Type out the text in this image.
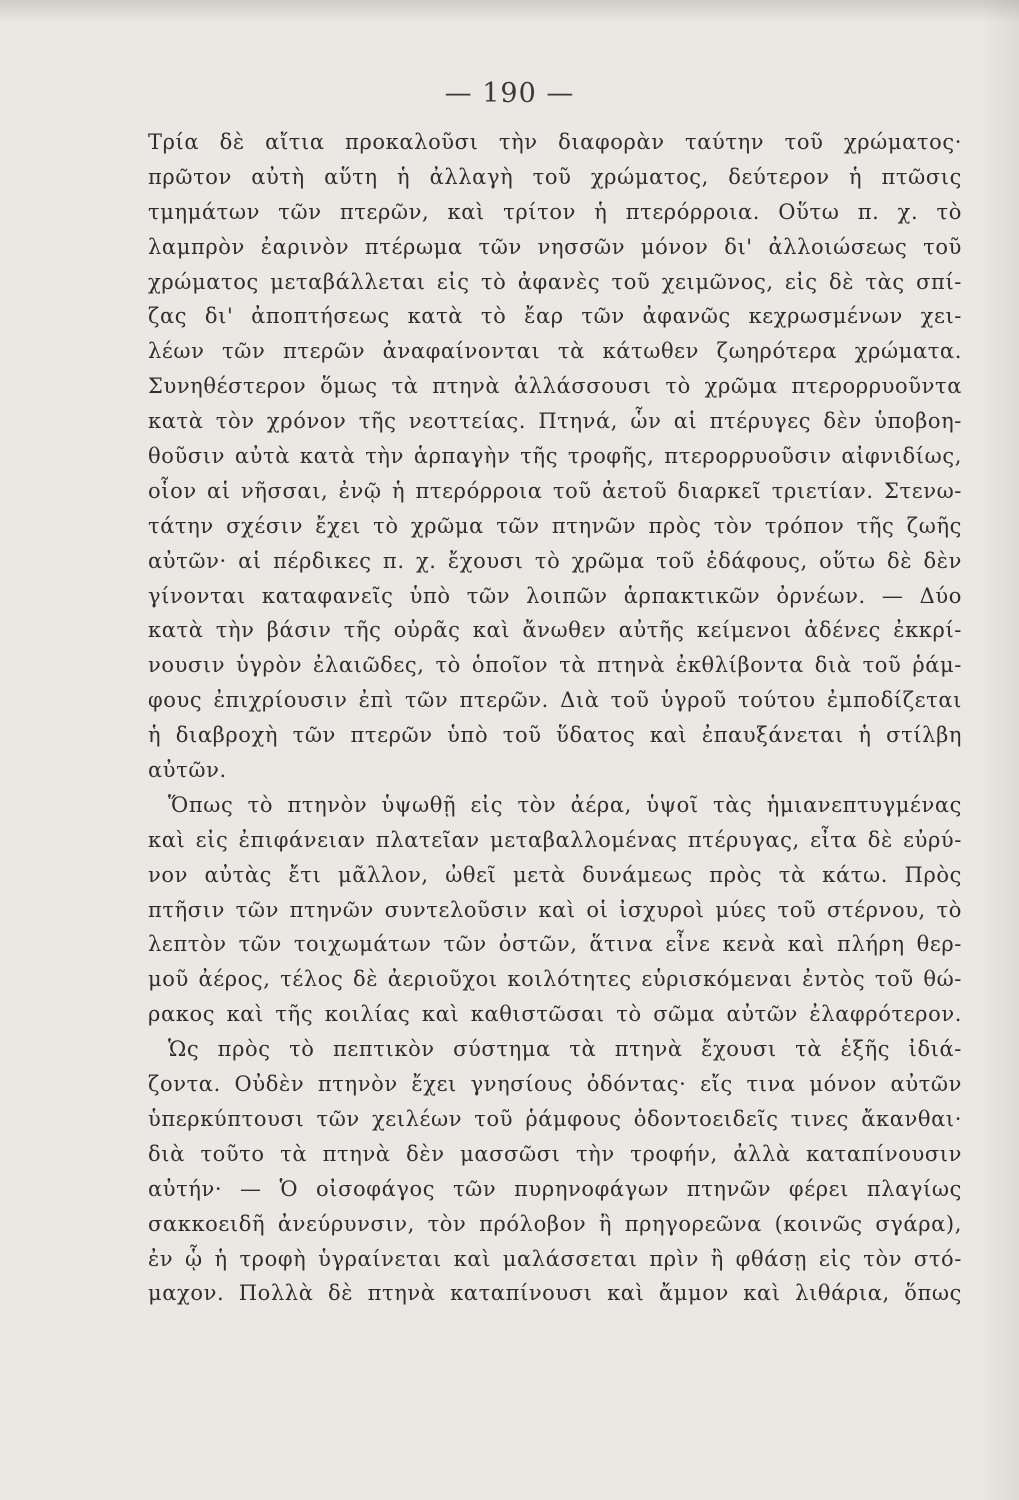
— 190 —
Τρία δὲ αἴτια προκαλοῦσι τὴν διαφορὰν ταύτην τοῦ χρώματος·
πρῶτον αὐτὴ αὕτη ἡ ἀλλαγὴ τοῦ χρώματος, δεύτερον ἡ πτῶσις
τμημάτων τῶν πτερῶν, καὶ τρίτον ἡ πτερόρροια. Οὕτω π. χ. τὸ
λαμπρὸν ἐαρινὸν πτέρωμα τῶν νησσῶν μόνον δι' ἀλλοιώσεως τοῦ
χρώματος μεταβάλλεται εἰς τὸ ἀφανὲς τοῦ χειμῶνος, εἰς δὲ τὰς σπί-
ζας δι' ἀποπτήσεως κατὰ τὸ ἔαρ τῶν ἀφανῶς κεχρωσμένων χει-
λέων τῶν πτερῶν ἀναφαίνονται τὰ κάτωθεν ζωηρότερα χρώματα.
Συνηθέστερον ὅμως τὰ πτηνὰ ἀλλάσσουσι τὸ χρῶμα πτερορρυοῦντα
κατὰ τὸν χρόνον τῆς νεοττείας. Πτηνά, ὧν αἱ πτέρυγες δὲν ὑποβοη-
θοῦσιν αὐτὰ κατὰ τὴν ἁρπαγὴν τῆς τροφῆς, πτερορρυοῦσιν αἰφνιδίως,
οἷον αἱ νῆσσαι, ἐνῷ ἡ πτερόρροια τοῦ ἀετοῦ διαρκεῖ τριετίαν. Στενω-
τάτην σχέσιν ἔχει τὸ χρῶμα τῶν πτηνῶν πρὸς τὸν τρόπον τῆς ζωῆς
αὐτῶν· αἱ πέρδικες π. χ. ἔχουσι τὸ χρῶμα τοῦ ἐδάφους, οὕτω δὲ δὲν
γίνονται καταφανεῖς ὑπὸ τῶν λοιπῶν ἁρπακτικῶν ὀρνέων. — Δύο
κατὰ τὴν βάσιν τῆς οὐρᾶς καὶ ἄνωθεν αὐτῆς κείμενοι ἀδένες ἐκκρί-
νουσιν ὑγρὸν ἐλαιῶδες, τὸ ὁποῖον τὰ πτηνὰ ἐκθλίβοντα διὰ τοῦ ῥάμ-
φους ἐπιχρίουσιν ἐπὶ τῶν πτερῶν. Διὰ τοῦ ὑγροῦ τούτου ἐμποδίζεται
ἡ διαβροχὴ τῶν πτερῶν ὑπὸ τοῦ ὕδατος καὶ ἐπαυξάνεται ἡ στίλβη
αὐτῶν.
Ὅπως τὸ πτηνὸν ὑψωθῇ εἰς τὸν ἀέρα, ὑψοῖ τὰς ἡμιανεπτυγμένας
καὶ εἰς ἐπιφάνειαν πλατεῖαν μεταβαλλομένας πτέρυγας, εἶτα δὲ εὐρύ-
νον αὐτὰς ἔτι μᾶλλον, ὠθεῖ μετὰ δυνάμεως πρὸς τὰ κάτω. Πρὸς
πτῆσιν τῶν πτηνῶν συντελοῦσιν καὶ οἱ ἰσχυροὶ μύες τοῦ στέρνου, τὸ
λεπτὸν τῶν τοιχωμάτων τῶν ὀστῶν, ἅτινα εἶνε κενὰ καὶ πλήρη θερ-
μοῦ ἀέρος, τέλος δὲ ἀεριοῦχοι κοιλότητες εὑρισκόμεναι ἐντὸς τοῦ θώ-
ρακος καὶ τῆς κοιλίας καὶ καθιστῶσαι τὸ σῶμα αὐτῶν ἐλαφρότερον.
Ὡς πρὸς τὸ πεπτικὸν σύστημα τὰ πτηνὰ ἔχουσι τὰ ἑξῆς ἰδιά-
ζοντα. Οὐδὲν πτηνὸν ἔχει γνησίους ὀδόντας· εἴς τινα μόνον αὐτῶν
ὑπερκύπτουσι τῶν χειλέων τοῦ ῥάμφους ὀδοντοειδεῖς τινες ἄκανθαι·
διὰ τοῦτο τὰ πτηνὰ δὲν μασσῶσι τὴν τροφήν, ἀλλὰ καταπίνουσιν
αὐτήν· — Ὁ οἰσοφάγος τῶν πυρηνοφάγων πτηνῶν φέρει πλαγίως
σακκοειδῆ ἀνεύρυνσιν, τὸν πρόλοβον ἢ πρηγορεῶνα (κοινῶς σγάρα),
ἐν ᾧ ἡ τροφὴ ὑγραίνεται καὶ μαλάσσεται πρὶν ἢ φθάσῃ εἰς τὸν στό-
μαχον. Πολλὰ δὲ πτηνὰ καταπίνουσι καὶ ἄμμον καὶ λιθάρια, ὅπως
